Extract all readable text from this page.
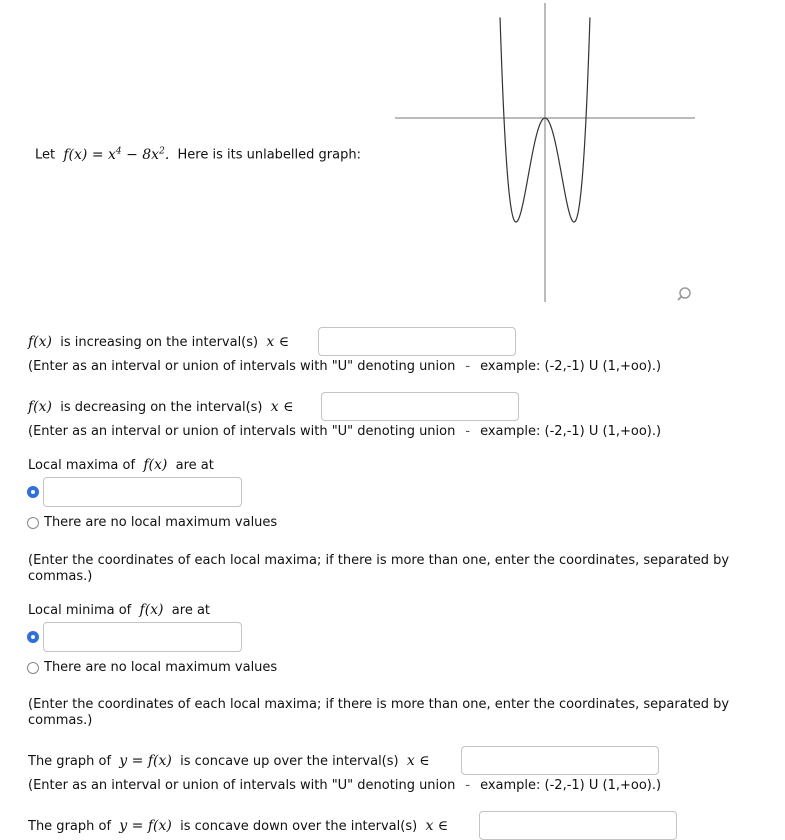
Let $f(x) = x^4 - 8x^2$. Here is its unlabelled graph:
f(x) is increasing on the interval(s) x ∈
(Enter as an interval or union of intervals with "U" denoting union - example: (-2,-1) U (1,+oo).)
f(x) is decreasing on the interval(s) x ∈
(Enter as an interval or union of intervals with "U" denoting union - example: (-2,-1) U (1,+oo).)
Local maxima of f(x) are at
There are no local maximum values
(Enter the coordinates of each local maxima; if there is more than one, enter the coordinates, separated by
commas.)
Local minima of f(x) are at
There are no local maximum values
(Enter the coordinates of each local maxima; if there is more than one, enter the coordinates, separated by
commas.)
The graph of y = f(x) is concave up over the interval(s) x ∈
(Enter as an interval or union of intervals with "U" denoting union - example: (-2,-1) U (1,+oo).)
The graph of y = f(x) is concave down over the interval(s) x ∈
